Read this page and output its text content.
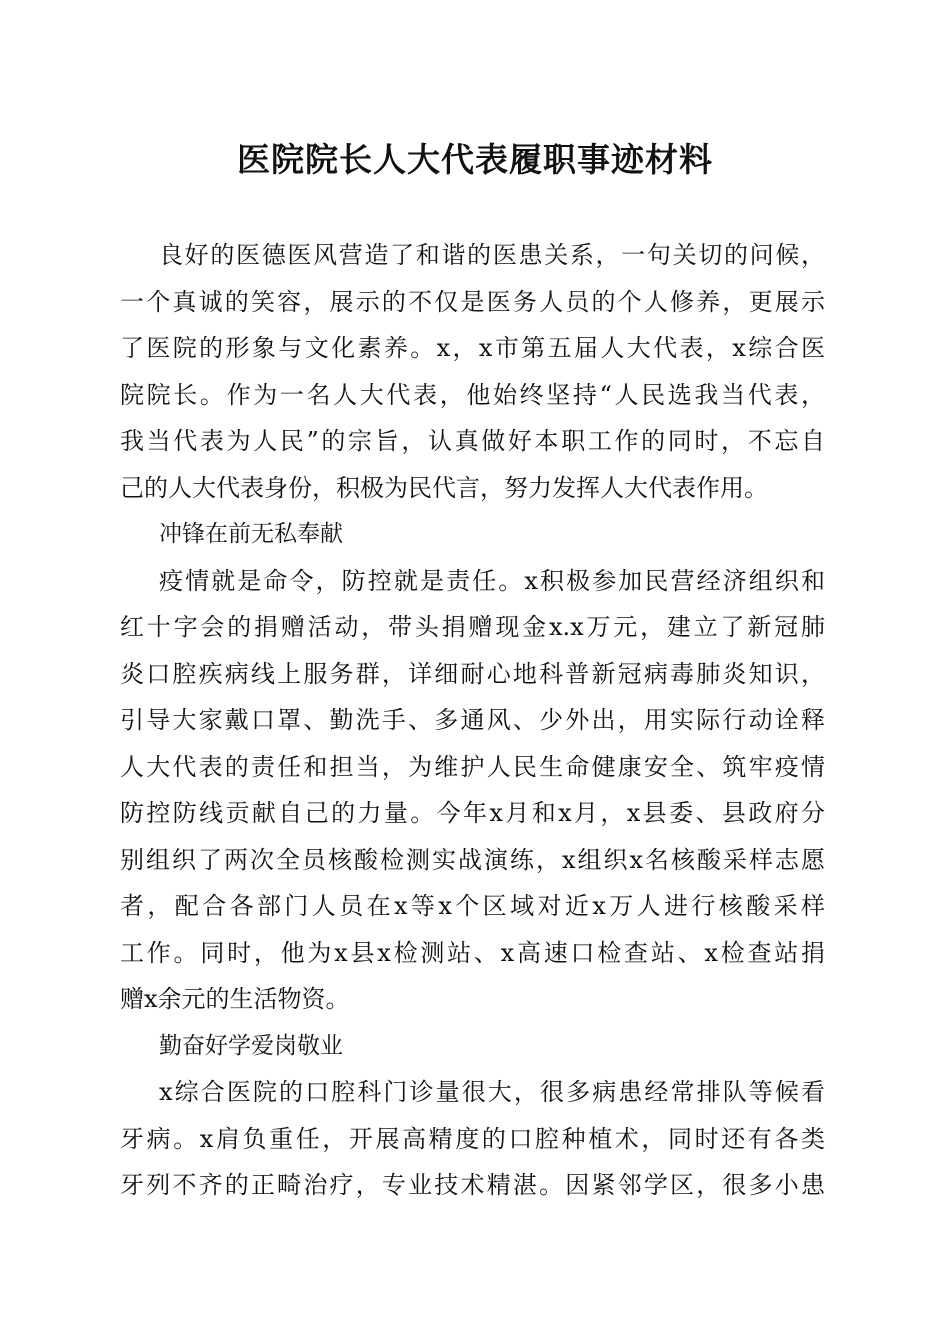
医院院长人大代表履职事迹材料
良好的医德医风营造了和谐的医患关系，一句关切的问候，
一个真诚的笑容，展示的不仅是医务人员的个人修养，更展示
了医院的形象与文化素养。x，x市第五届人大代表，x综合医
院院长。作为一名人大代表，他始终坚持“人民选我当代表，
我当代表为人民”的宗旨，认真做好本职工作的同时，不忘自
己的人大代表身份，积极为民代言，努力发挥人大代表作用。
冲锋在前无私奉献
疫情就是命令，防控就是责任。x积极参加民营经济组织和
红十字会的捐赠活动，带头捐赠现金x.x万元，建立了新冠肺
炎口腔疾病线上服务群，详细耐心地科普新冠病毒肺炎知识，
引导大家戴口罩、勤洗手、多通风、少外出，用实际行动诠释
人大代表的责任和担当，为维护人民生命健康安全、筑牢疫情
防控防线贡献自己的力量。今年x月和x月，x县委、县政府分
别组织了两次全员核酸检测实战演练，x组织x名核酸采样志愿
者，配合各部门人员在x等x个区域对近x万人进行核酸采样
工作。同时，他为x县x检测站、x高速口检查站、x检查站捐
赠x余元的生活物资。
勤奋好学爱岗敬业
x综合医院的口腔科门诊量很大，很多病患经常排队等候看
牙病。x肩负重任，开展高精度的口腔种植术，同时还有各类
牙列不齐的正畸治疗，专业技术精湛。因紧邻学区，很多小患
